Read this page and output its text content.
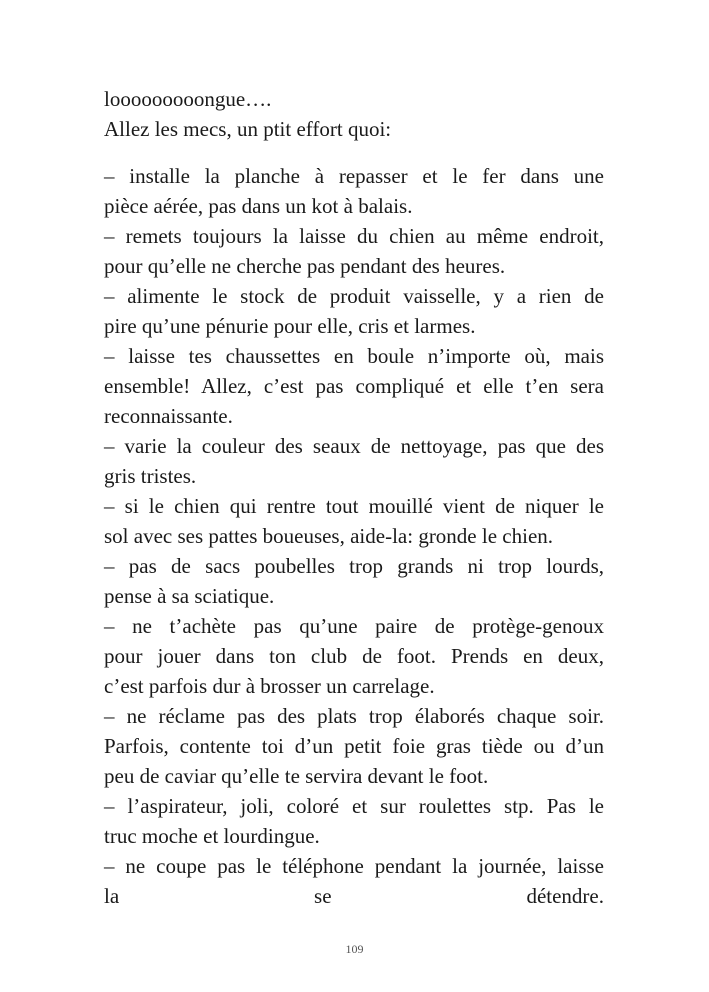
looooooooongue….
Allez les mecs, un ptit effort quoi:
– installe la planche à repasser et le fer dans une
pièce aérée, pas dans un kot à balais.
– remets toujours la laisse du chien au même endroit,
pour qu’elle ne cherche pas pendant des heures.
– alimente le stock de produit vaisselle, y a rien de
pire qu’une pénurie pour elle, cris et larmes.
– laisse tes chaussettes en boule n’importe où, mais
ensemble! Allez, c’est pas compliqué et elle t’en sera
reconnaissante.
– varie la couleur des seaux de nettoyage, pas que des
gris tristes.
– si le chien qui rentre tout mouillé vient de niquer le
sol avec ses pattes boueuses, aide-la: gronde le chien.
– pas de sacs poubelles trop grands ni trop lourds,
pense à sa sciatique.
– ne t’achète pas qu’une paire de protège-genoux
pour jouer dans ton club de foot. Prends en deux,
c’est parfois dur à brosser un carrelage.
– ne réclame pas des plats trop élaborés chaque soir.
Parfois, contente toi d’un petit foie gras tiède ou d’un
peu de caviar qu’elle te servira devant le foot.
– l’aspirateur, joli, coloré et sur roulettes stp. Pas le
truc moche et lourdingue.
– ne coupe pas le téléphone pendant la journée, laisse
la se détendre.
109
